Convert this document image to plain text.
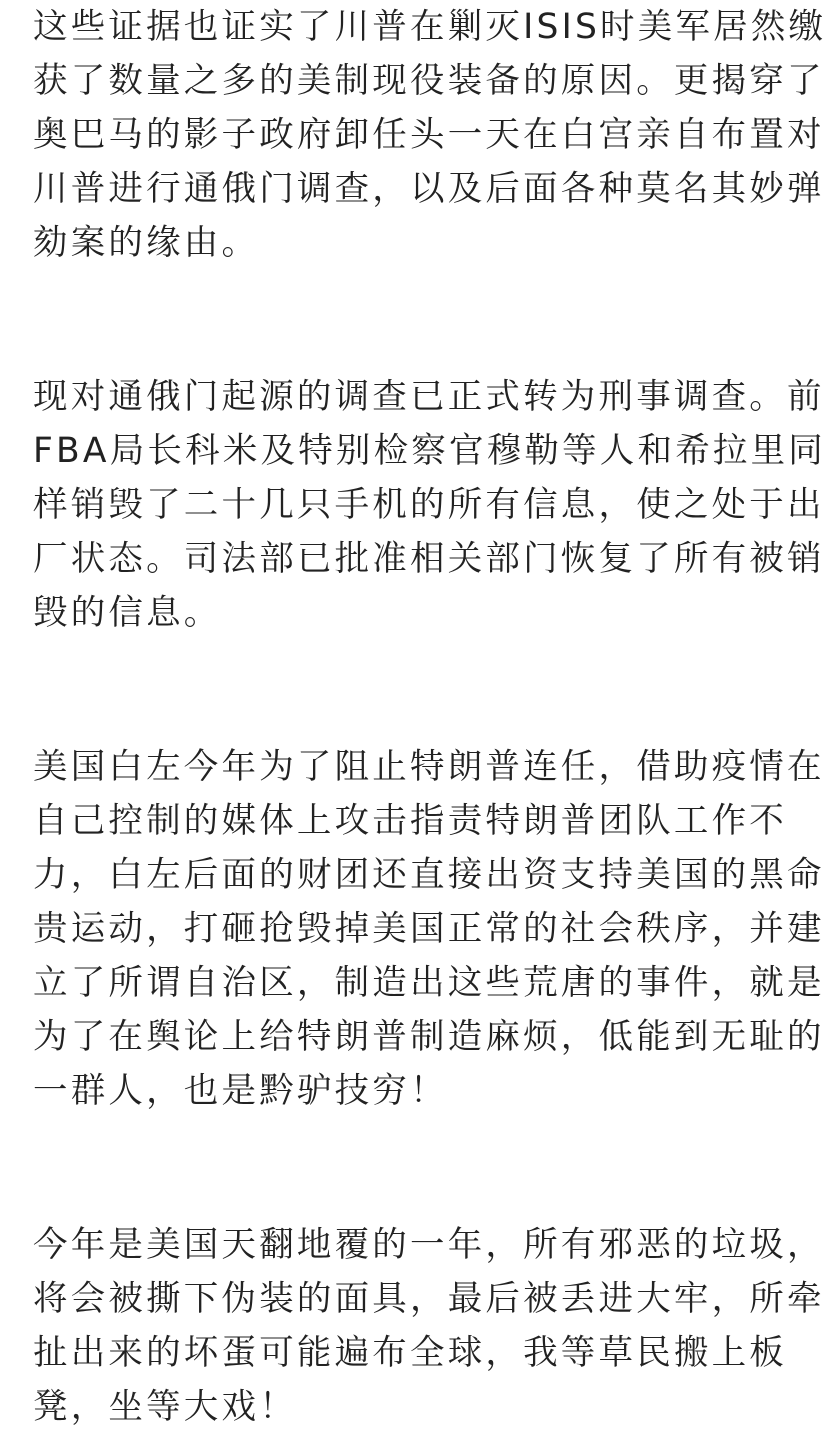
这些证据也证实了川普在剿灭ISIS时美军居然缴
获了数量之多的美制现役装备的原因。更揭穿了
奥巴马的影子政府卸任头一天在白宫亲自布置对
川普进行通俄门调查，以及后面各种莫名其妙弹
劾案的缘由。
现对通俄门起源的调查已正式转为刑事调查。前
FBA局长科米及特别检察官穆勒等人和希拉里同
样销毁了二十几只手机的所有信息，使之处于出
厂状态。司法部已批准相关部门恢复了所有被销
毁的信息。
美国白左今年为了阻止特朗普连任，借助疫情在
自己控制的媒体上攻击指责特朗普团队工作不
力，白左后面的财团还直接出资支持美国的黑命
贵运动，打砸抢毁掉美国正常的社会秩序，并建
立了所谓自治区，制造出这些荒唐的事件，就是
为了在舆论上给特朗普制造麻烦，低能到无耻的
一群人，也是黔驴技穷！
今年是美国天翻地覆的一年，所有邪恶的垃圾，
将会被撕下伪装的面具，最后被丢进大牢，所牵
扯出来的坏蛋可能遍布全球，我等草民搬上板
凳，坐等大戏！
